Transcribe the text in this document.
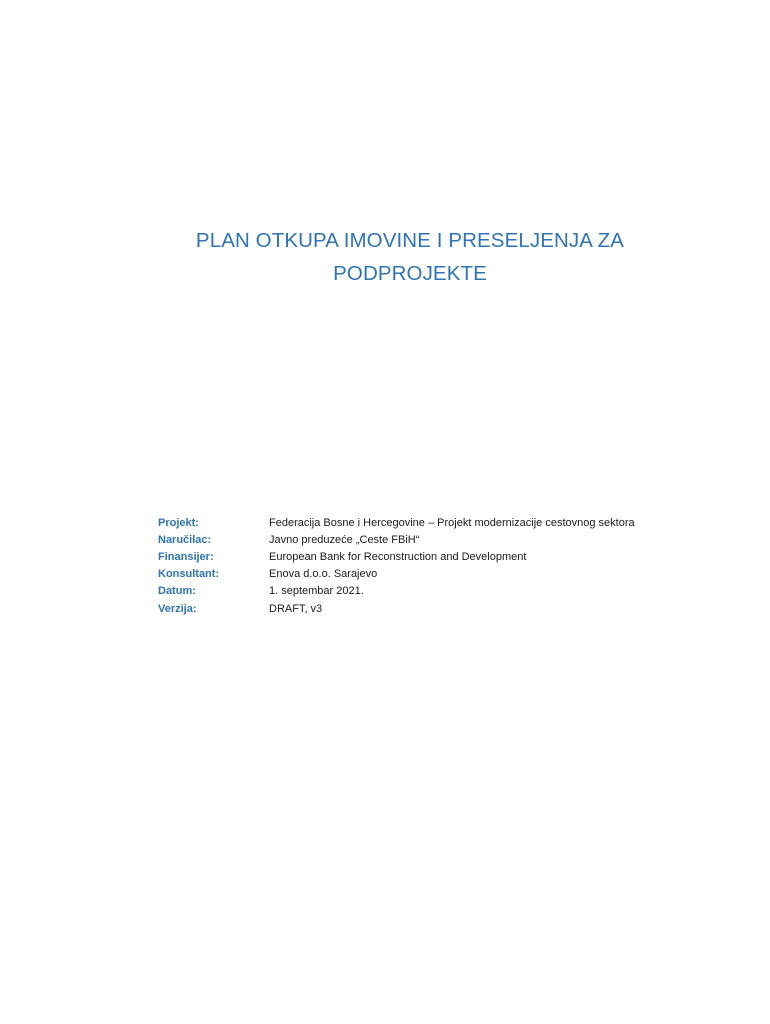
PLAN OTKUPA IMOVINE I PRESELJENJA ZA
PODPROJEKTE
Projekt:	Federacija Bosne i Hercegovine – Projekt modernizacije cestovnog sektora
Naručilac:	Javno preduzeće „Ceste FBiH“
Finansijer:	European Bank for Reconstruction and Development
Konsultant:	Enova d.o.o. Sarajevo
Datum:	1. septembar 2021.
Verzija:	DRAFT, v3
